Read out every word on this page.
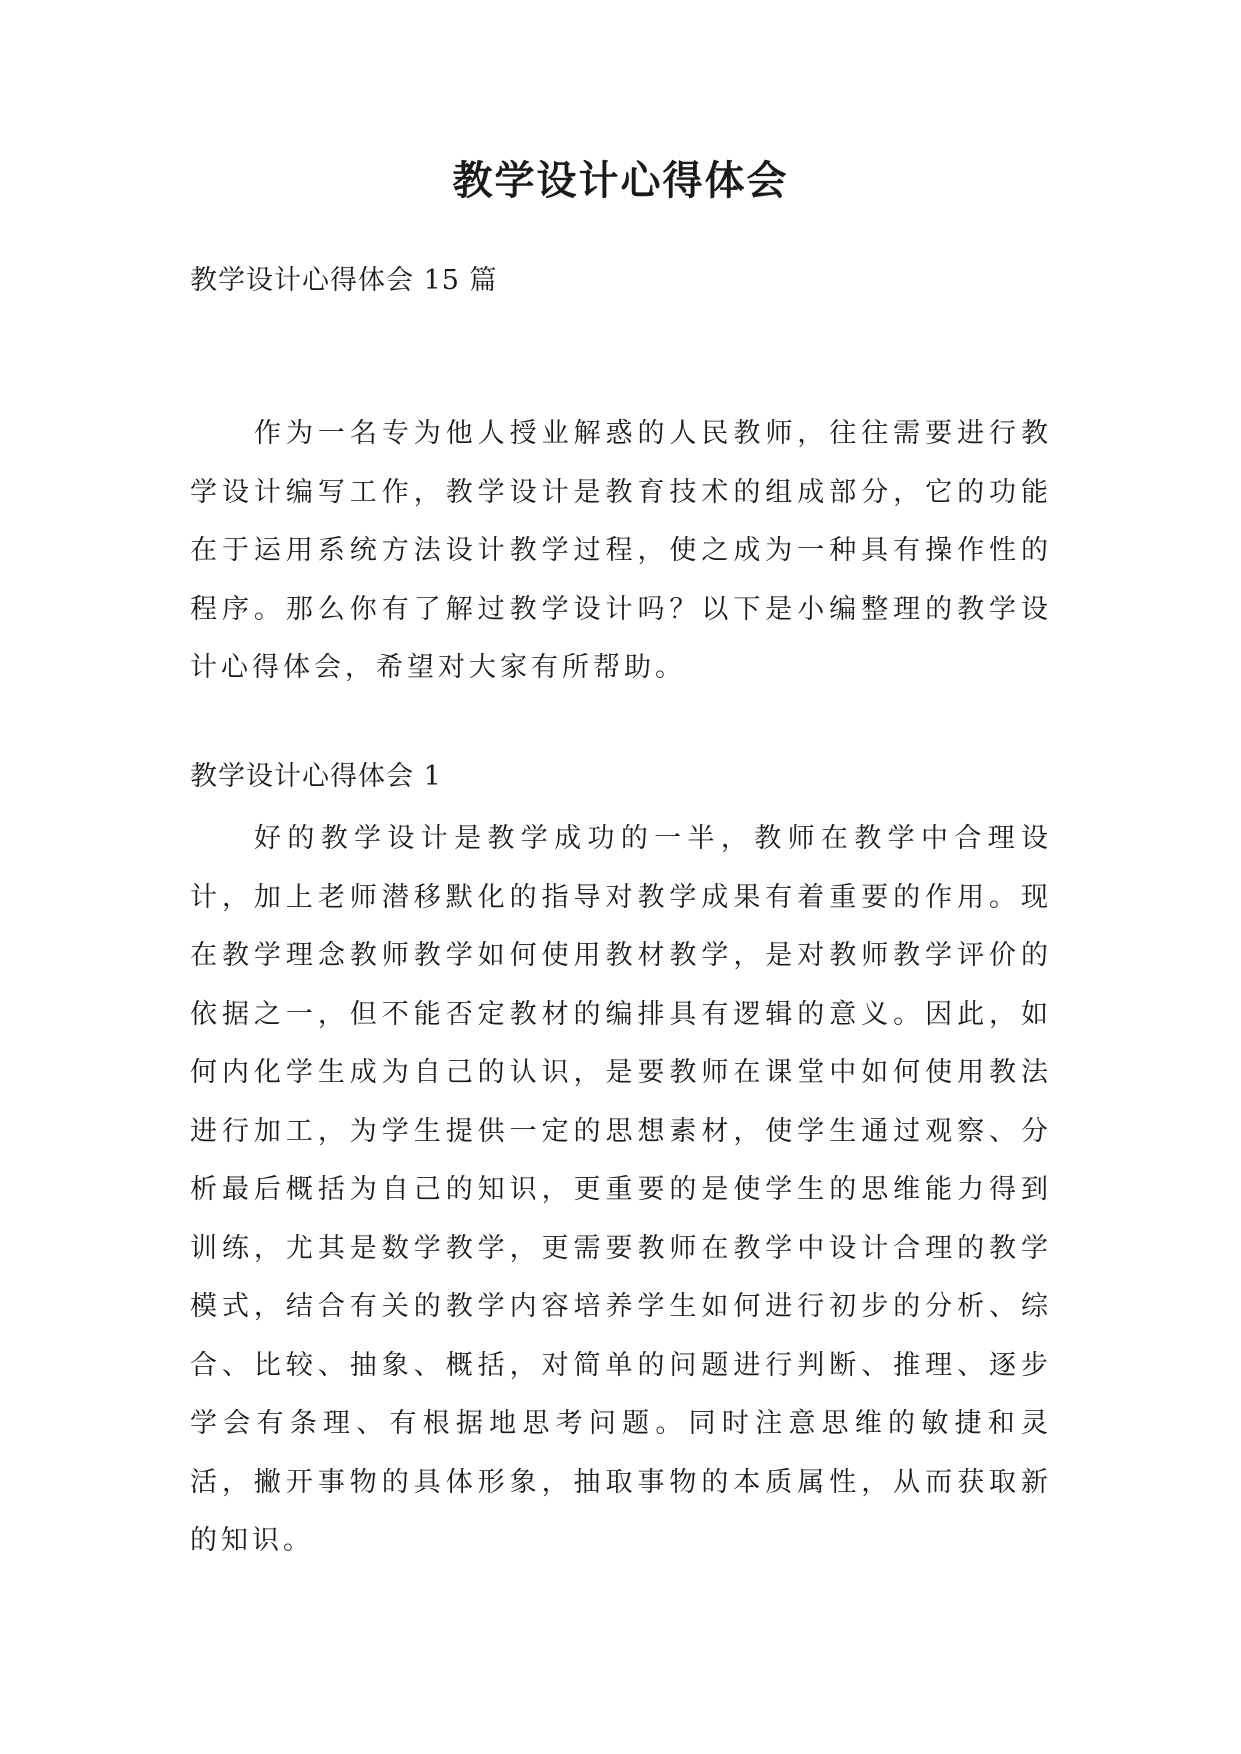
教学设计心得体会

教学设计心得体会 15 篇

作为一名专为他人授业解惑的人民教师，往往需要进行教学设计编写工作，教学设计是教育技术的组成部分，它的功能在于运用系统方法设计教学过程，使之成为一种具有操作性的程序。那么你有了解过教学设计吗？以下是小编整理的教学设计心得体会，希望对大家有所帮助。

教学设计心得体会 1

好的教学设计是教学成功的一半，教师在教学中合理设计，加上老师潜移默化的指导对教学成果有着重要的作用。现在教学理念教师教学如何使用教材教学，是对教师教学评价的依据之一，但不能否定教材的编排具有逻辑的意义。因此，如何内化学生成为自己的认识，是要教师在课堂中如何使用教法进行加工，为学生提供一定的思想素材，使学生通过观察、分析最后概括为自己的知识，更重要的是使学生的思维能力得到训练，尤其是数学教学，更需要教师在教学中设计合理的教学模式，结合有关的教学内容培养学生如何进行初步的分析、综合、比较、抽象、概括，对简单的问题进行判断、推理、逐步学会有条理、有根据地思考问题。同时注意思维的敏捷和灵活，撇开事物的具体形象，抽取事物的本质属性，从而获取新的知识。
